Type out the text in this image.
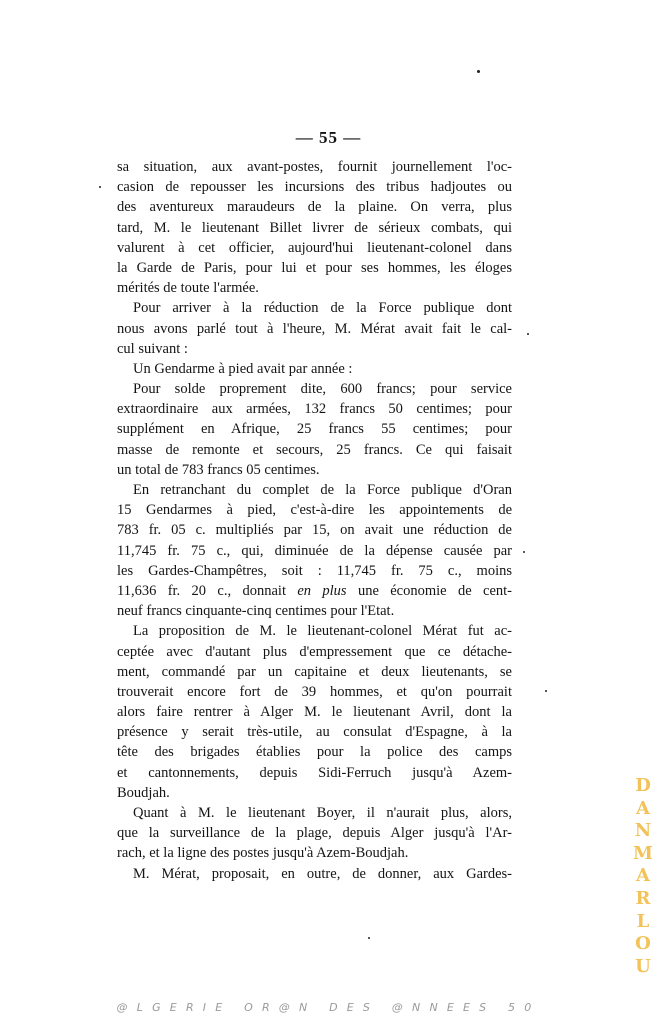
— 55 —
sa situation, aux avant-postes, fournit journellement l'oc-
casion de repousser les incursions des tribus hadjoutes ou
des aventureux maraudeurs de la plaine. On verra, plus
tard, M. le lieutenant Billet livrer de sérieux combats, qui
valurent à cet officier, aujourd'hui lieutenant-colonel dans
la Garde de Paris, pour lui et pour ses hommes, les éloges
mérités de toute l'armée.
Pour arriver à la réduction de la Force publique dont
nous avons parlé tout à l'heure, M. Mérat avait fait le cal-
cul suivant :
Un Gendarme à pied avait par année :
Pour solde proprement dite, 600 francs; pour service
extraordinaire aux armées, 132 francs 50 centimes; pour
supplément en Afrique, 25 francs 55 centimes; pour
masse de remonte et secours, 25 francs. Ce qui faisait
un total de 783 francs 05 centimes.
En retranchant du complet de la Force publique d'Oran
15 Gendarmes à pied, c'est-à-dire les appointements de
783 fr. 05 c. multipliés par 15, on avait une réduction de
11,745 fr. 75 c., qui, diminuée de la dépense causée par
les Gardes-Champêtres, soit : 11,745 fr. 75 c., moins
11,636 fr. 20 c., donnait en plus une économie de cent-
neuf francs cinquante-cinq centimes pour l'Etat.
La proposition de M. le lieutenant-colonel Mérat fut ac-
ceptée avec d'autant plus d'empressement que ce détache-
ment, commandé par un capitaine et deux lieutenants, se
trouverait encore fort de 39 hommes, et qu'on pourrait
alors faire rentrer à Alger M. le lieutenant Avril, dont la
présence y serait très-utile, au consulat d'Espagne, à la
tête des brigades établies pour la police des camps
et cantonnements, depuis Sidi-Ferruch jusqu'à Azem-
Boudjah.
Quant à M. le lieutenant Boyer, il n'aurait plus, alors,
que la surveillance de la plage, depuis Alger jusqu'à l'Ar-
rach, et la ligne des postes jusqu'à Azem-Boudjah.
M. Mérat, proposait, en outre, de donner, aux Gardes-
D
A
N
M
A
R
L
O
U
@LGERIE OR@N DES @NNEES 50
